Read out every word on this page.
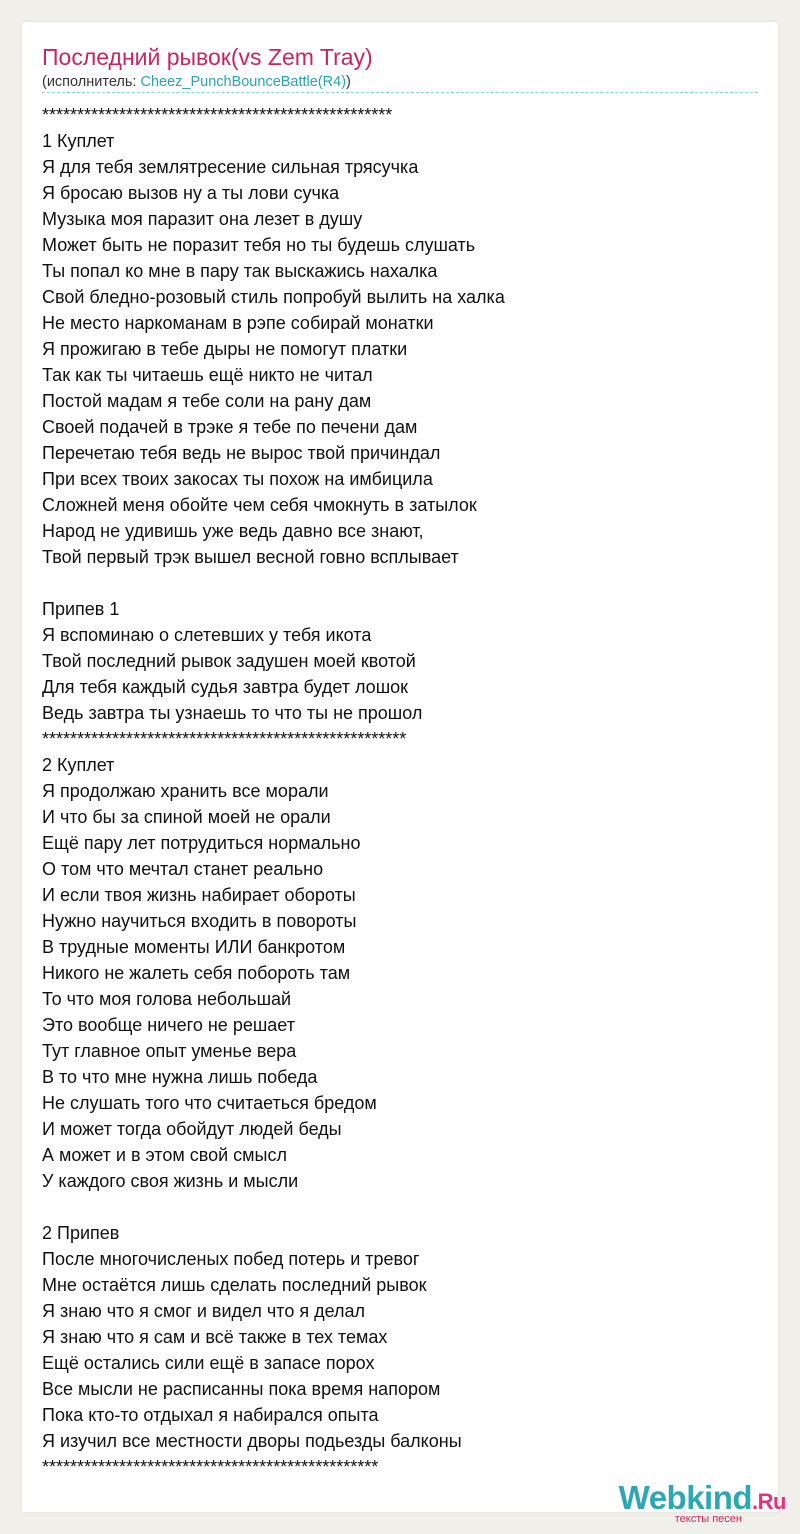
Последний рывок(vs Zem Tray)
(исполнитель: Cheez_PunchBounceBattle(R4))
**************************************************
1 Куплет
Я для тебя землятресение сильная трясучка
Я бросаю вызов ну а ты лови сучка
Музыка моя паразит она лезет в душу
Может быть не поразит тебя но ты будешь слушать
Ты попал ко мне в пару так выскажись нахалка
Свой бледно-розовый стиль попробуй вылить на халка
Не место наркоманам в рэпе собирай монатки
Я прожигаю в тебе дыры не помогут платки
Так как ты читаешь ещё никто не читал
Постой мадам я тебе соли на рану дам
Своей подачей в трэке я тебе по печени дам
Перечетаю тебя ведь не вырос твой причиндал
При всех твоих закосах ты похож на имбицила
Сложней меня обойте чем себя чмокнуть в затылок
Народ не удивишь уже ведь давно все знают,
Твой первый трэк вышел весной говно всплывает
Припев 1
Я вспоминаю о слетевших у тебя икота
Твой последний рывок задушен моей квотой
Для тебя каждый судья завтра будет лошок
Ведь завтра ты узнаешь то что ты не прошол
****************************************************
2 Куплет
Я продолжаю хранить все морали
И что бы за спиной моей не орали
Ещё пару лет потрудиться нормально
О том что мечтал станет реально
И если твоя жизнь набирает обороты
Нужно научиться входить в повороты
В трудные моменты ИЛИ банкротом
Никого не жалеть себя побороть там
То что моя голова небольшай
Это вообще ничего не решает
Тут главное опыт уменье вера
В то что мне нужна лишь победа
Не слушать того что считаеться бредом
И может тогда обойдут людей беды
А может и в этом свой смысл
У каждого своя жизнь и мысли
2 Припев
После многочисленых побед потерь и тревог
Мне остаётся лишь сделать последний рывок
Я знаю что я смог и видел что я делал
Я знаю что я сам и всё также в тех темах
Ещё остались сили ещё в запасе порох
Все мысли не расписанны пока время напором
Пока кто-то отдыхал я набирался опыта
Я изучил все местности дворы подьезды балконы
************************************************
Webkind.Ru
тексты песен
